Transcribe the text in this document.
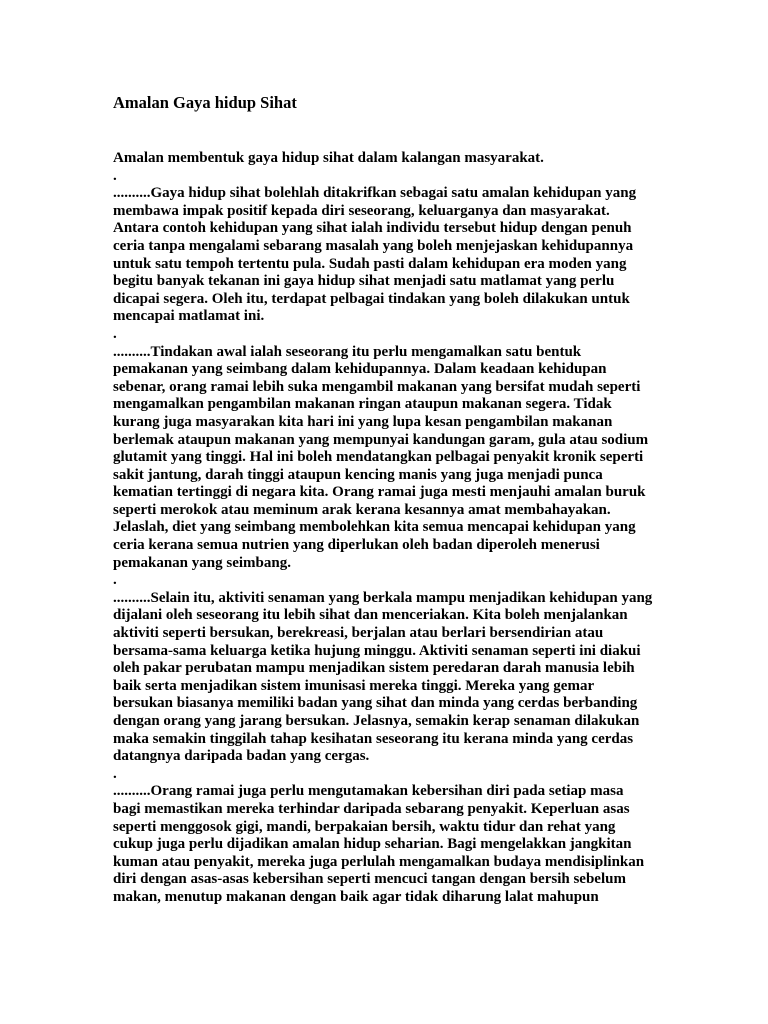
Amalan Gaya hidup Sihat
Amalan membentuk gaya hidup sihat dalam kalangan masyarakat.
.
..........Gaya hidup sihat bolehlah ditakrifkan sebagai satu amalan kehidupan yang
membawa impak positif kepada diri seseorang, keluarganya dan masyarakat.
Antara contoh kehidupan yang sihat ialah individu tersebut hidup dengan penuh
ceria tanpa mengalami sebarang masalah yang boleh menjejaskan kehidupannya
untuk satu tempoh tertentu pula. Sudah pasti dalam kehidupan era moden yang
begitu banyak tekanan ini gaya hidup sihat menjadi satu matlamat yang perlu
dicapai segera. Oleh itu, terdapat pelbagai tindakan yang boleh dilakukan untuk
mencapai matlamat ini.
.
..........Tindakan awal ialah seseorang itu perlu mengamalkan satu bentuk
pemakanan yang seimbang dalam kehidupannya. Dalam keadaan kehidupan
sebenar, orang ramai lebih suka mengambil makanan yang bersifat mudah seperti
mengamalkan pengambilan makanan ringan ataupun makanan segera. Tidak
kurang juga masyarakan kita hari ini yang lupa kesan pengambilan makanan
berlemak ataupun makanan yang mempunyai kandungan garam, gula atau sodium
glutamit yang tinggi. Hal ini boleh mendatangkan pelbagai penyakit kronik seperti
sakit jantung, darah tinggi ataupun kencing manis yang juga menjadi punca
kematian tertinggi di negara kita. Orang ramai juga mesti menjauhi amalan buruk
seperti merokok atau meminum arak kerana kesannya amat membahayakan.
Jelaslah, diet yang seimbang membolehkan kita semua mencapai kehidupan yang
ceria kerana semua nutrien yang diperlukan oleh badan diperoleh menerusi
pemakanan yang seimbang.
.
..........Selain itu, aktiviti senaman yang berkala mampu menjadikan kehidupan yang
dijalani oleh seseorang itu lebih sihat dan menceriakan. Kita boleh menjalankan
aktiviti seperti bersukan, berekreasi, berjalan atau berlari bersendirian atau
bersama-sama keluarga ketika hujung minggu. Aktiviti senaman seperti ini diakui
oleh pakar perubatan mampu menjadikan sistem peredaran darah manusia lebih
baik serta menjadikan sistem imunisasi mereka tinggi. Mereka yang gemar
bersukan biasanya memiliki badan yang sihat dan minda yang cerdas berbanding
dengan orang yang jarang bersukan. Jelasnya, semakin kerap senaman dilakukan
maka semakin tinggilah tahap kesihatan seseorang itu kerana minda yang cerdas
datangnya daripada badan yang cergas.
.
..........Orang ramai juga perlu mengutamakan kebersihan diri pada setiap masa
bagi memastikan mereka terhindar daripada sebarang penyakit. Keperluan asas
seperti menggosok gigi, mandi, berpakaian bersih, waktu tidur dan rehat yang
cukup juga perlu dijadikan amalan hidup seharian. Bagi mengelakkan jangkitan
kuman atau penyakit, mereka juga perlulah mengamalkan budaya mendisiplinkan
diri dengan asas-asas kebersihan seperti mencuci tangan dengan bersih sebelum
makan, menutup makanan dengan baik agar tidak diharung lalat mahupun
